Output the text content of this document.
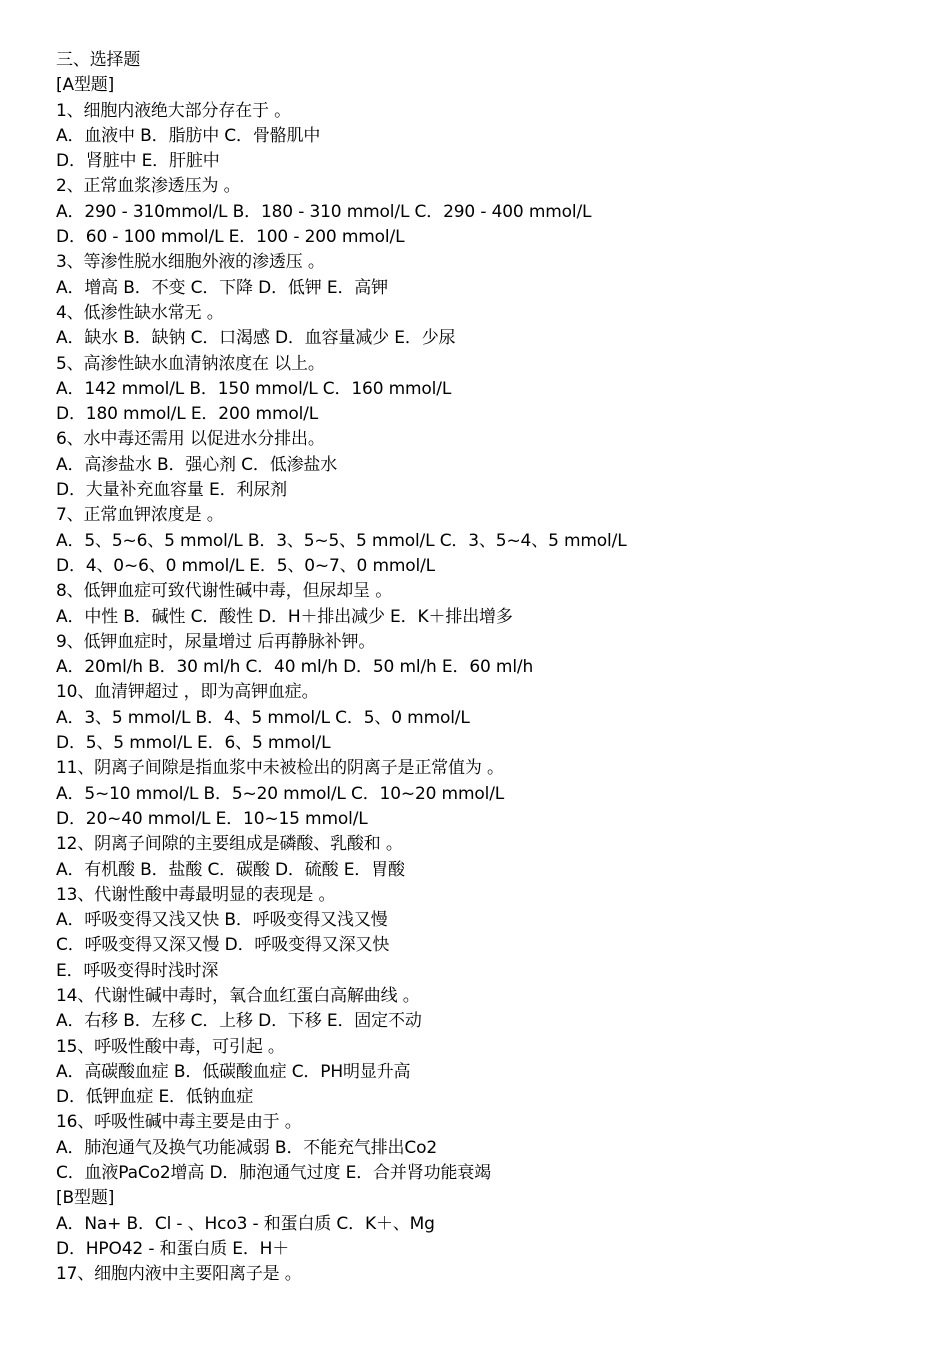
三、选择题
[A型题]
1、细胞内液绝大部分存在于 。
A．血液中 B．脂肪中 C．骨骼肌中
D．肾脏中 E．肝脏中
2、正常血浆渗透压为 。
A．290 - 310mmol/L B．180 - 310 mmol/L C．290 - 400 mmol/L
D．60 - 100 mmol/L E．100 - 200 mmol/L
3、等渗性脱水细胞外液的渗透压 。
A．增高 B．不变 C．下降 D．低钾 E．高钾
4、低渗性缺水常无 。
A．缺水 B．缺钠 C．口渴感 D．血容量减少 E．少尿
5、高渗性缺水血清钠浓度在 以上。
A．142 mmol/L B．150 mmol/L C．160 mmol/L
D．180 mmol/L E．200 mmol/L
6、水中毒还需用 以促进水分排出。
A．高渗盐水 B．强心剂 C．低渗盐水
D．大量补充血容量 E．利尿剂
7、正常血钾浓度是 。
A．5、5~6、5 mmol/L B．3、5~5、5 mmol/L C．3、5~4、5 mmol/L
D．4、0~6、0 mmol/L E．5、0~7、0 mmol/L
8、低钾血症可致代谢性碱中毒，但尿却呈 。
A．中性 B．碱性 C．酸性 D．H＋排出减少 E．K＋排出增多
9、低钾血症时，尿量增过 后再静脉补钾。
A．20ml/h B．30 ml/h C．40 ml/h D．50 ml/h E．60 ml/h
10、血清钾超过 ，即为高钾血症。
A．3、5 mmol/L B．4、5 mmol/L C．5、0 mmol/L
D．5、5 mmol/L E．6、5 mmol/L
11、阴离子间隙是指血浆中未被检出的阴离子是正常值为 。
A．5~10 mmol/L B．5~20 mmol/L C．10~20 mmol/L
D．20~40 mmol/L E．10~15 mmol/L
12、阴离子间隙的主要组成是磷酸、乳酸和 。
A．有机酸 B．盐酸 C．碳酸 D．硫酸 E．胃酸
13、代谢性酸中毒最明显的表现是 。
A．呼吸变得又浅又快 B．呼吸变得又浅又慢
C．呼吸变得又深又慢 D．呼吸变得又深又快
E．呼吸变得时浅时深
14、代谢性碱中毒时，氧合血红蛋白高解曲线 。
A．右移 B．左移 C．上移 D．下移 E．固定不动
15、呼吸性酸中毒，可引起 。
A．高碳酸血症 B．低碳酸血症 C．PH明显升高
D．低钾血症 E．低钠血症
16、呼吸性碱中毒主要是由于 。
A．肺泡通气及换气功能减弱 B．不能充气排出Co2
C．血液PaCo2增高 D．肺泡通气过度 E．合并肾功能衰竭
[B型题]
A．Na+ B．Cl - 、Hco3 - 和蛋白质 C．K＋、Mg
D．HPO42 - 和蛋白质 E．H＋
17、细胞内液中主要阳离子是 。
